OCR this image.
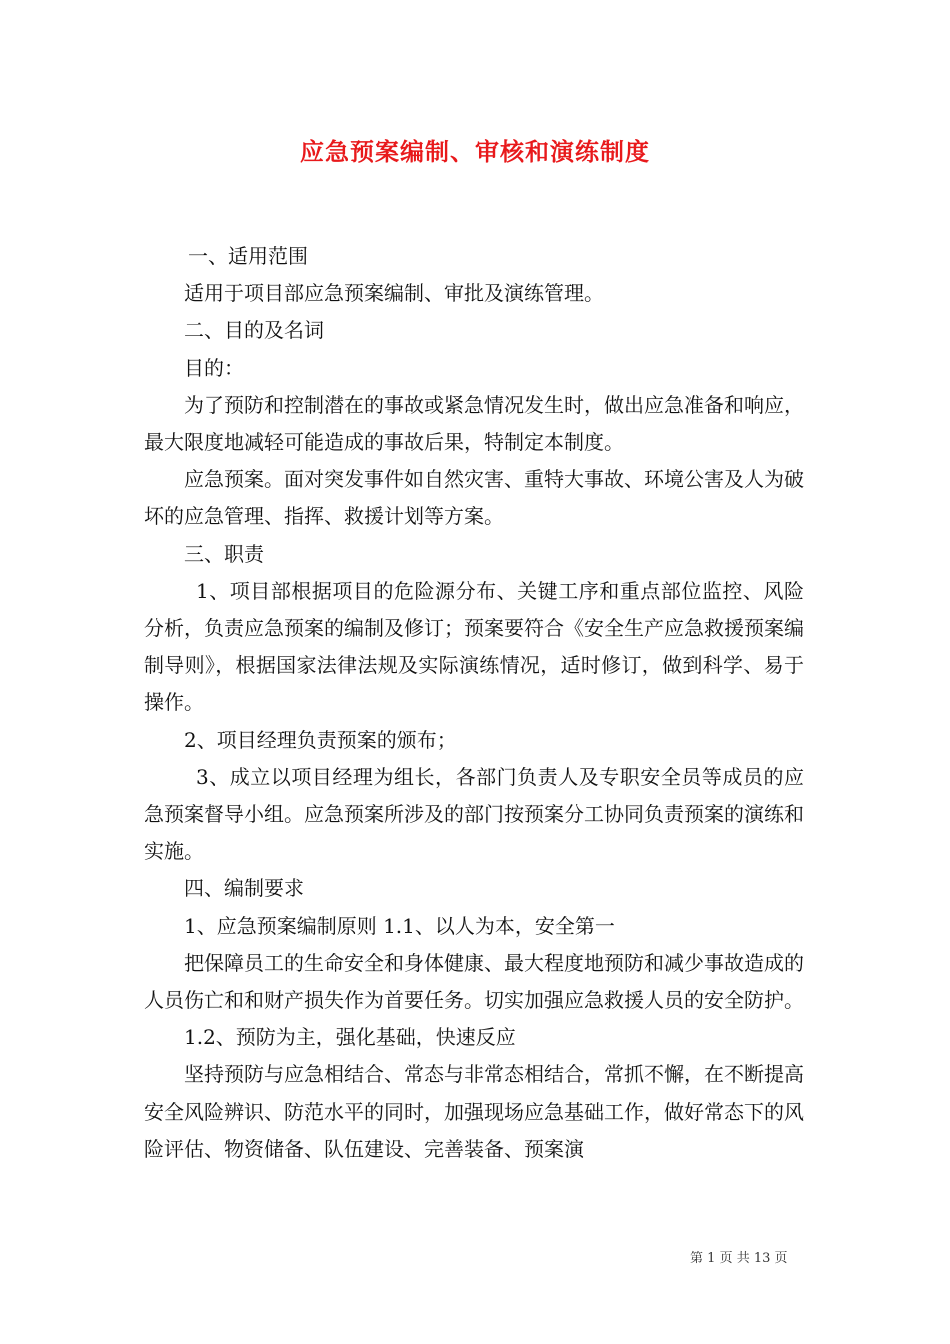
应急预案编制、审核和演练制度

一、适用范围

适用于项目部应急预案编制、审批及演练管理。

二、目的及名词

目的：

为了预防和控制潜在的事故或紧急情况发生时，做出应急准备和响应，最大限度地减轻可能造成的事故后果，特制定本制度。

应急预案。面对突发事件如自然灾害、重特大事故、环境公害及人为破坏的应急管理、指挥、救援计划等方案。

三、职责

1、项目部根据项目的危险源分布、关键工序和重点部位监控、风险分析，负责应急预案的编制及修订；预案要符合《安全生产应急救援预案编制导则》，根据国家法律法规及实际演练情况，适时修订，做到科学、易于操作。

2、项目经理负责预案的颁布；

3、成立以项目经理为组长，各部门负责人及专职安全员等成员的应急预案督导小组。应急预案所涉及的部门按预案分工协同负责预案的演练和实施。

四、编制要求

1、应急预案编制原则 1.1、以人为本，安全第一

把保障员工的生命安全和身体健康、最大程度地预防和减少事故造成的人员伤亡和和财产损失作为首要任务。切实加强应急救援人员的安全防护。

1.2、预防为主，强化基础，快速反应

坚持预防与应急相结合、常态与非常态相结合，常抓不懈，在不断提高安全风险辨识、防范水平的同时，加强现场应急基础工作，做好常态下的风险评估、物资储备、队伍建设、完善装备、预案演

第 1 页 共 13 页
